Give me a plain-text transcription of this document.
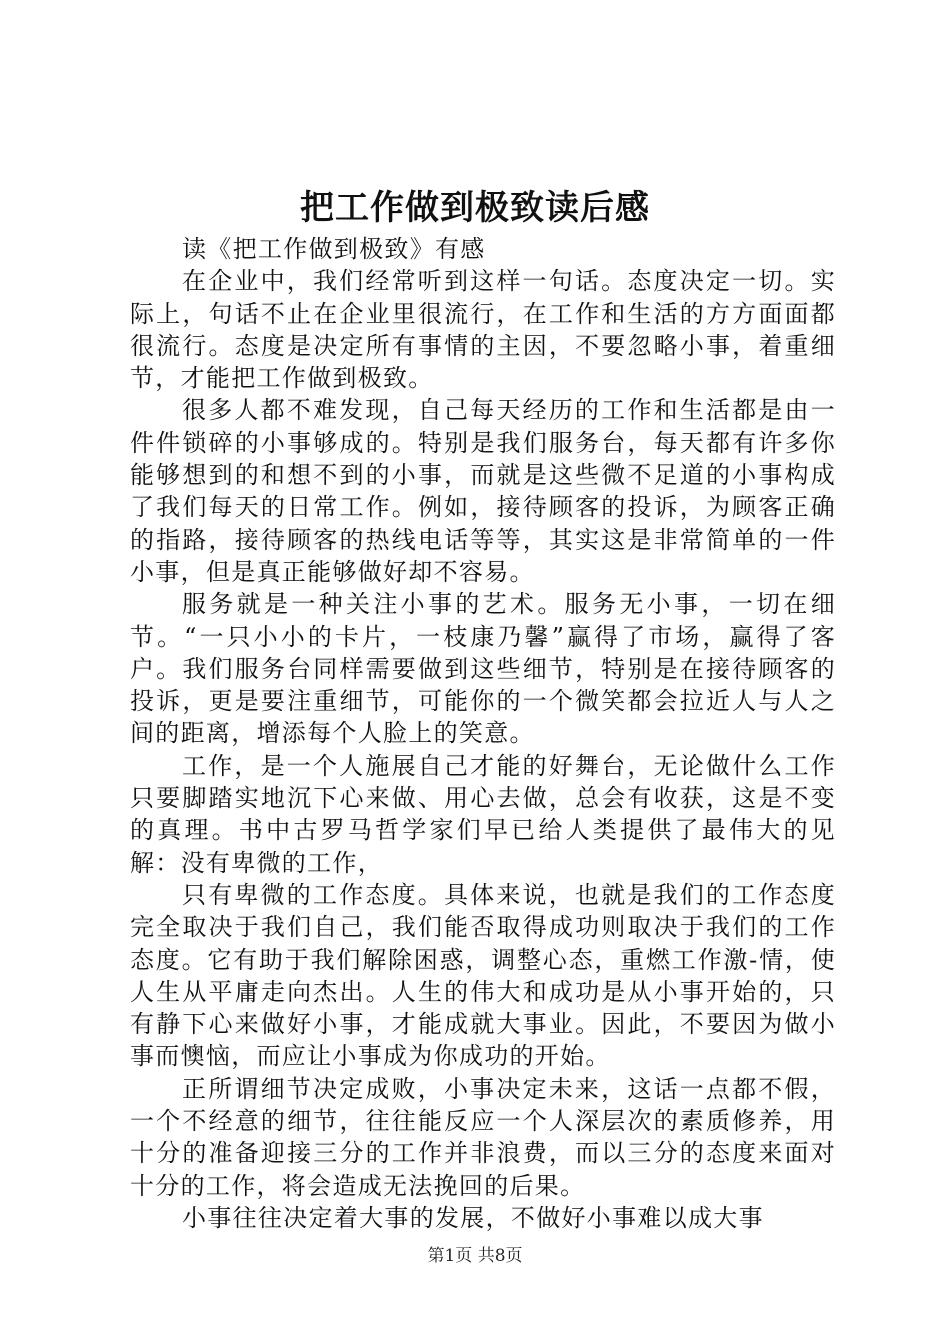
把工作做到极致读后感

读《把工作做到极致》有感

在企业中，我们经常听到这样一句话。态度决定一切。实际上，句话不止在企业里很流行，在工作和生活的方方面面都很流行。态度是决定所有事情的主因，不要忽略小事，着重细节，才能把工作做到极致。

很多人都不难发现，自己每天经历的工作和生活都是由一件件锁碎的小事够成的。特别是我们服务台，每天都有许多你能够想到的和想不到的小事，而就是这些微不足道的小事构成了我们每天的日常工作。例如，接待顾客的投诉，为顾客正确的指路，接待顾客的热线电话等等，其实这是非常简单的一件小事，但是真正能够做好却不容易。

服务就是一种关注小事的艺术。服务无小事，一切在细节。“一只小小的卡片，一枝康乃馨”赢得了市场，赢得了客户。我们服务台同样需要做到这些细节，特别是在接待顾客的投诉，更是要注重细节，可能你的一个微笑都会拉近人与人之间的距离，增添每个人脸上的笑意。

工作，是一个人施展自己才能的好舞台，无论做什么工作只要脚踏实地沉下心来做、用心去做，总会有收获，这是不变的真理。书中古罗马哲学家们早已给人类提供了最伟大的见解：没有卑微的工作，

只有卑微的工作态度。具体来说，也就是我们的工作态度完全取决于我们自己，我们能否取得成功则取决于我们的工作态度。它有助于我们解除困惑，调整心态，重燃工作激-情，使人生从平庸走向杰出。人生的伟大和成功是从小事开始的，只有静下心来做好小事，才能成就大事业。因此，不要因为做小事而懊恼，而应让小事成为你成功的开始。

正所谓细节决定成败，小事决定未来，这话一点都不假，一个不经意的细节，往往能反应一个人深层次的素质修养，用十分的准备迎接三分的工作并非浪费，而以三分的态度来面对十分的工作，将会造成无法挽回的后果。

小事往往决定着大事的发展，不做好小事难以成大事

第1页 共8页
